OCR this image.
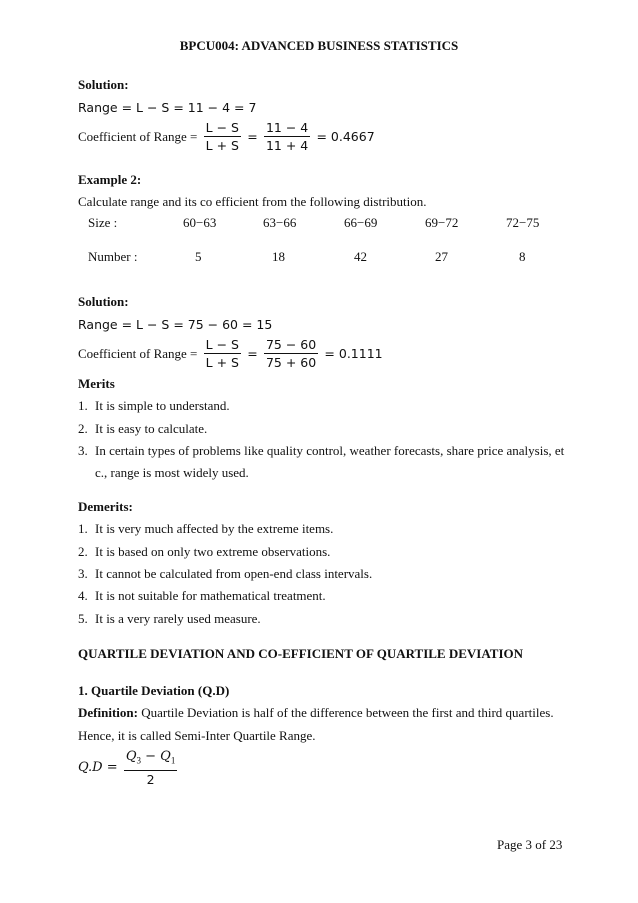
BPCU004: ADVANCED BUSINESS STATISTICS
Solution:
Range = L − S = 11 − 4 = 7
Coefficient of Range = $\frac{L - S}{L + S} = \frac{11 - 4}{11 + 4} = 0.4667$
Example 2:
Calculate range and its co efficient from the following distribution.
Size :	60−63	63−66	66−69	69−72	72−75
Number :	5	18	42	27	8
Solution:
Range = L − S = 75 − 60 = 15
Coefficient of Range = $\frac{L - S}{L + S} = \frac{75 - 60}{75 + 60} = 0.1111$
Merits
1. It is simple to understand.
2. It is easy to calculate.
3. In certain types of problems like quality control, weather forecasts, share price analysis, et
c., range is most widely used.
Demerits:
1. It is very much affected by the extreme items.
2. It is based on only two extreme observations.
3. It cannot be calculated from open-end class intervals.
4. It is not suitable for mathematical treatment.
5. It is a very rarely used measure.
QUARTILE DEVIATION AND CO-EFFICIENT OF QUARTILE DEVIATION
1. Quartile Deviation (Q.D)
Definition: Quartile Deviation is half of the difference between the first and third quartiles.
Hence, it is called Semi-Inter Quartile Range.
$Q.D = \frac{Q_3 - Q_1}{2}$
Page 3 of 23
